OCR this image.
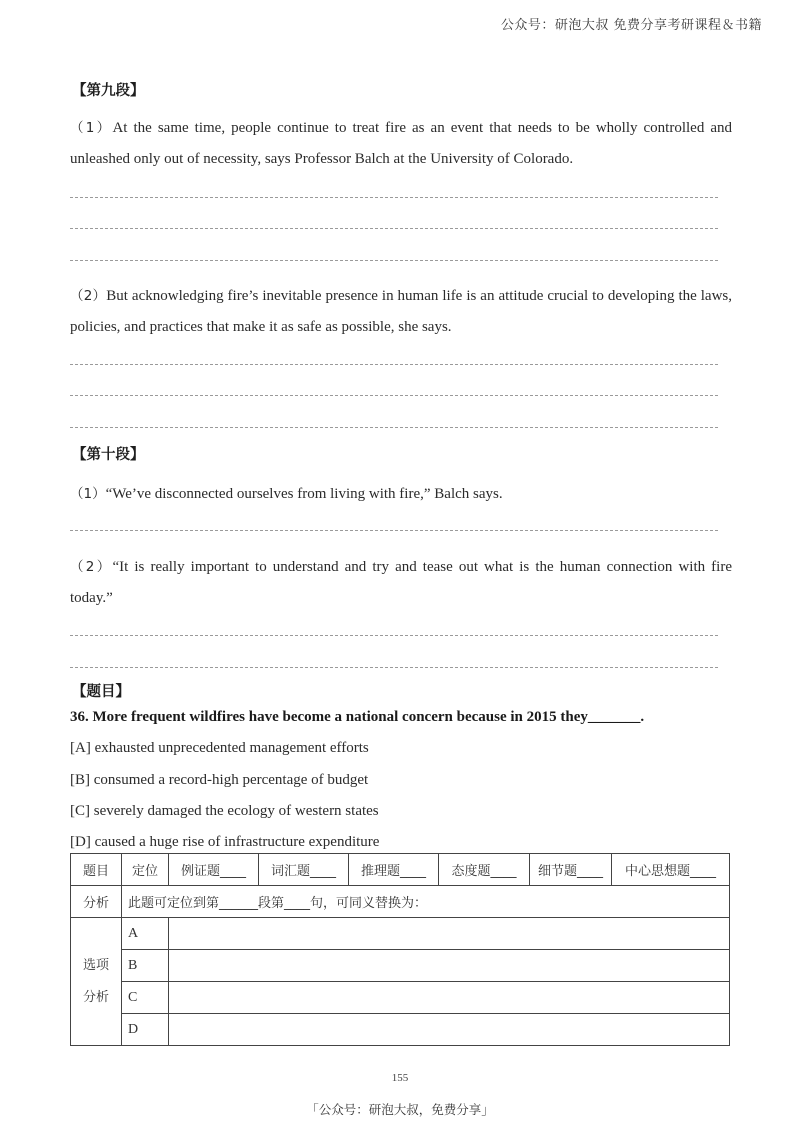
公众号：研泡大叔 免费分享考研课程＆书籍
【第九段】
（1）At the same time, people continue to treat fire as an event that needs to be wholly controlled and unleashed only out of necessity, says Professor Balch at the University of Colorado.
（2）But acknowledging fire’s inevitable presence in human life is an attitude crucial to developing the laws, policies, and practices that make it as safe as possible, she says.
【第十段】
（1）“We’ve disconnected ourselves from living with fire,” Balch says.
（2）“It is really important to understand and try and tease out what is the human connection with fire today.”
【题目】
36. More frequent wildfires have become a national concern because in 2015 they_______.
[A] exhausted unprecedented management efforts
[B] consumed a record-high percentage of budget
[C] severely damaged the ecology of western states
[D] caused a huge rise of infrastructure expenditure
题目	定位	例证题____	词汇题____	推理题____	态度题____	细节题____	中心思想题____
分析	此题可定位到第______段第____句，可同义替换为：						
选项
分析	A						
	B						
	C						
	D						
155
「公众号：研泡大叔，免费分享」
